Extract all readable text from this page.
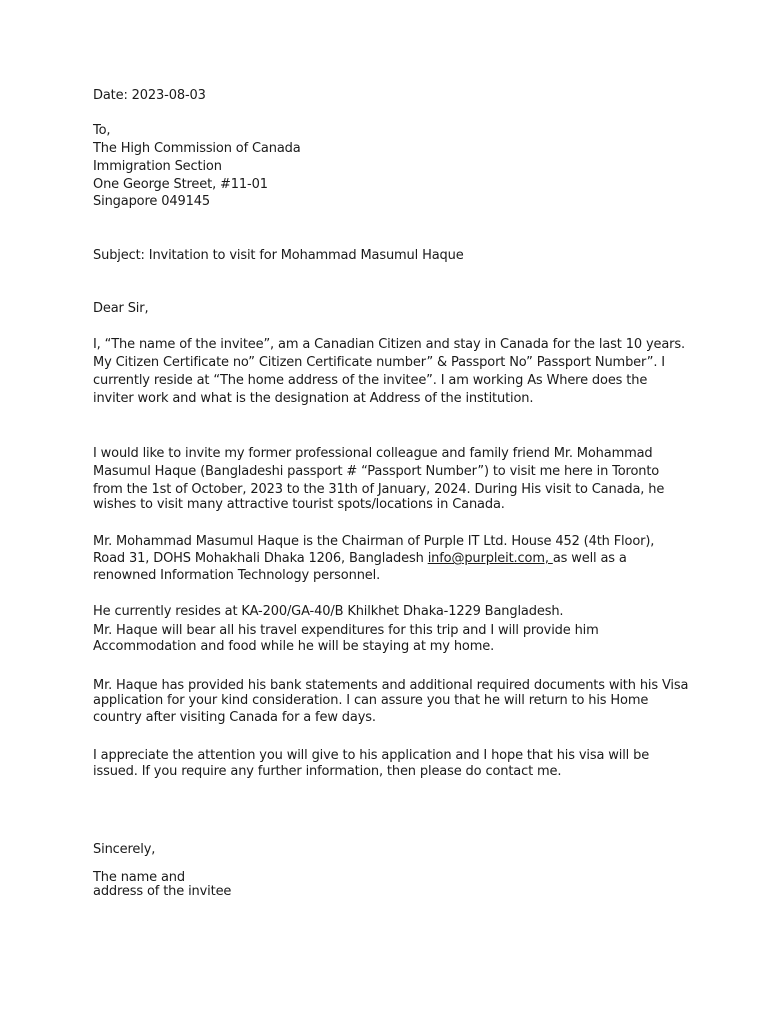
Date: 2023-08-03
To,
The High Commission of Canada
Immigration Section
One George Street, #11-01
Singapore 049145
Subject: Invitation to visit for Mohammad Masumul Haque
Dear Sir,
I, “The name of the invitee”, am a Canadian Citizen and stay in Canada for the last 10 years.
My Citizen Certificate no” Citizen Certificate number” & Passport No” Passport Number”. I
currently reside at “The home address of the invitee”. I am working As Where does the
inviter work and what is the designation at Address of the institution.
I would like to invite my former professional colleague and family friend Mr. Mohammad
Masumul Haque (Bangladeshi passport # “Passport Number”) to visit me here in Toronto
from the 1st of October, 2023 to the 31th of January, 2024. During His visit to Canada, he
wishes to visit many attractive tourist spots/locations in Canada.
Mr. Mohammad Masumul Haque is the Chairman of Purple IT Ltd. House 452 (4th Floor),
Road 31, DOHS Mohakhali Dhaka 1206, Bangladesh info@purpleit.com, as well as a
renowned Information Technology personnel.
He currently resides at KA-200/GA-40/B Khilkhet Dhaka-1229 Bangladesh.
Mr. Haque will bear all his travel expenditures for this trip and I will provide him
Accommodation and food while he will be staying at my home.
Mr. Haque has provided his bank statements and additional required documents with his Visa
application for your kind consideration. I can assure you that he will return to his Home
country after visiting Canada for a few days.
I appreciate the attention you will give to his application and I hope that his visa will be
issued. If you require any further information, then please do contact me.
Sincerely,
The name and
address of the invitee
